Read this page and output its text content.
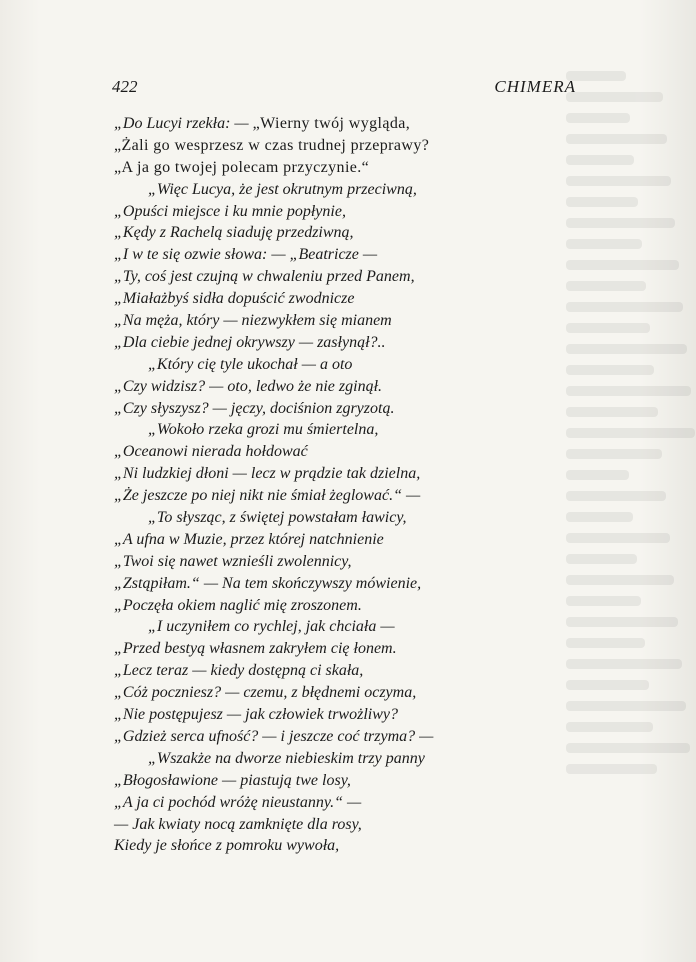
422	CHIMERA
„Do Lucyi rzekła: — „Wierny twój wygląda,
„Żali go wesprzesz w czas trudnej przeprawy?
„A ja go twojej polecam przyczynie.“
„Więc Lucya, że jest okrutnym przeciwną,
„Opuści miejsce i ku mnie popłynie,
„Kędy z Rachelą siaduję przedziwną,
„I w te się ozwie słowa: — „Beatricze —
„Ty, coś jest czujną w chwaleniu przed Panem,
„Miałażbyś sidła dopuścić zwodnicze
„Na męża, który — niezwykłem się mianem
„Dla ciebie jednej okrywszy — zasłynął?..
„Który cię tyle ukochał — a oto
„Czy widzisz? — oto, ledwo że nie zginął.
„Czy słyszysz? — jęczy, dociśnion zgryzotą.
„Wokoło rzeka grozi mu śmiertelna,
„Oceanowi nierada hołdować
„Ni ludzkiej dłoni — lecz w prądzie tak dzielna,
„Że jeszcze po niej nikt nie śmiał żeglować.“ —
„To słysząc, z świętej powstałam ławicy,
„A ufna w Muzie, przez której natchnienie
„Twoi się nawet wznieśli zwolennicy,
„Zstąpiłam.“ — Na tem skończywszy mówienie,
„Poczęła okiem naglić mię zroszonem.
„I uczyniłem co rychlej, jak chciała —
„Przed bestyą własnem zakryłem cię łonem.
„Lecz teraz — kiedy dostępną ci skała,
„Cóż poczniesz? — czemu, z błędnemi oczyma,
„Nie postępujesz — jak człowiek trwożliwy?
„Gdzież serca ufność? — i jeszcze coć trzyma? —
„Wszakże na dworze niebieskim trzy panny
„Błogosławione — piastują twe losy,
„A ja ci pochód wróżę nieustanny.“ —
— Jak kwiaty nocą zamknięte dla rosy,
Kiedy je słońce z pomroku wywoła,
